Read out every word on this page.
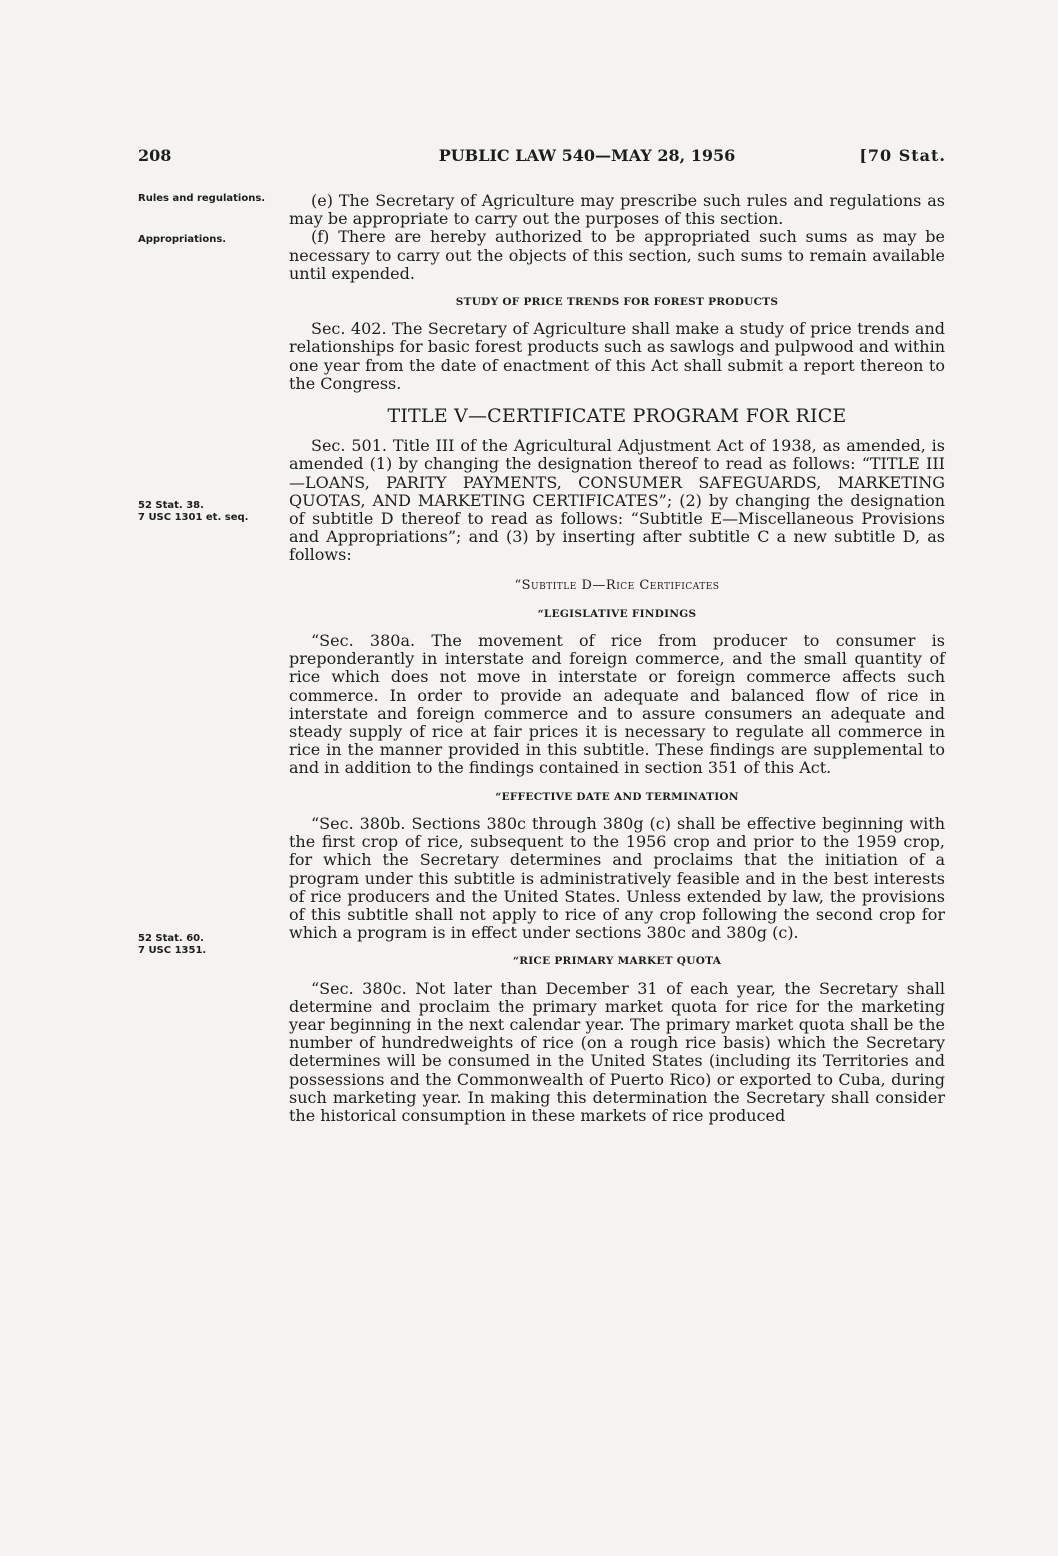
208	PUBLIC LAW 540—MAY 28, 1956	[70 Stat.
Rules and regulations.
Appropriations.
52 Stat. 38.
7 USC 1301 et. seq.
52 Stat. 60.
7 USC 1351.

(e) The Secretary of Agriculture may prescribe such rules and regulations as may be appropriate to carry out the purposes of this section.

(f) There are hereby authorized to be appropriated such sums as may be necessary to carry out the objects of this section, such sums to remain available until expended.

STUDY OF PRICE TRENDS FOR FOREST PRODUCTS

Sec. 402. The Secretary of Agriculture shall make a study of price trends and relationships for basic forest products such as sawlogs and pulpwood and within one year from the date of enactment of this Act shall submit a report thereon to the Congress.

TITLE V—CERTIFICATE PROGRAM FOR RICE

Sec. 501. Title III of the Agricultural Adjustment Act of 1938, as amended, is amended (1) by changing the designation thereof to read as follows: “TITLE III—LOANS, PARITY PAYMENTS, CONSUMER SAFEGUARDS, MARKETING QUOTAS, AND MARKETING CERTIFICATES”; (2) by changing the designation of subtitle D thereof to read as follows: “Subtitle E—Miscellaneous Provisions and Appropriations”; and (3) by inserting after subtitle C a new subtitle D, as follows:

“Subtitle D—Rice Certificates
“LEGISLATIVE FINDINGS

“Sec. 380a. The movement of rice from producer to consumer is preponderantly in interstate and foreign commerce, and the small quantity of rice which does not move in interstate or foreign commerce affects such commerce. In order to provide an adequate and balanced flow of rice in interstate and foreign commerce and to assure consumers an adequate and steady supply of rice at fair prices it is necessary to regulate all commerce in rice in the manner provided in this subtitle. These findings are supplemental to and in addition to the findings contained in section 351 of this Act.

“EFFECTIVE DATE AND TERMINATION

“Sec. 380b. Sections 380c through 380g (c) shall be effective beginning with the first crop of rice, subsequent to the 1956 crop and prior to the 1959 crop, for which the Secretary determines and proclaims that the initiation of a program under this subtitle is administratively feasible and in the best interests of rice producers and the United States. Unless extended by law, the provisions of this subtitle shall not apply to rice of any crop following the second crop for which a program is in effect under sections 380c and 380g (c).

“RICE PRIMARY MARKET QUOTA

“Sec. 380c. Not later than December 31 of each year, the Secretary shall determine and proclaim the primary market quota for rice for the marketing year beginning in the next calendar year. The primary market quota shall be the number of hundredweights of rice (on a rough rice basis) which the Secretary determines will be consumed in the United States (including its Territories and possessions and the Commonwealth of Puerto Rico) or exported to Cuba, during such marketing year. In making this determination the Secretary shall consider the historical consumption in these markets of rice produced
